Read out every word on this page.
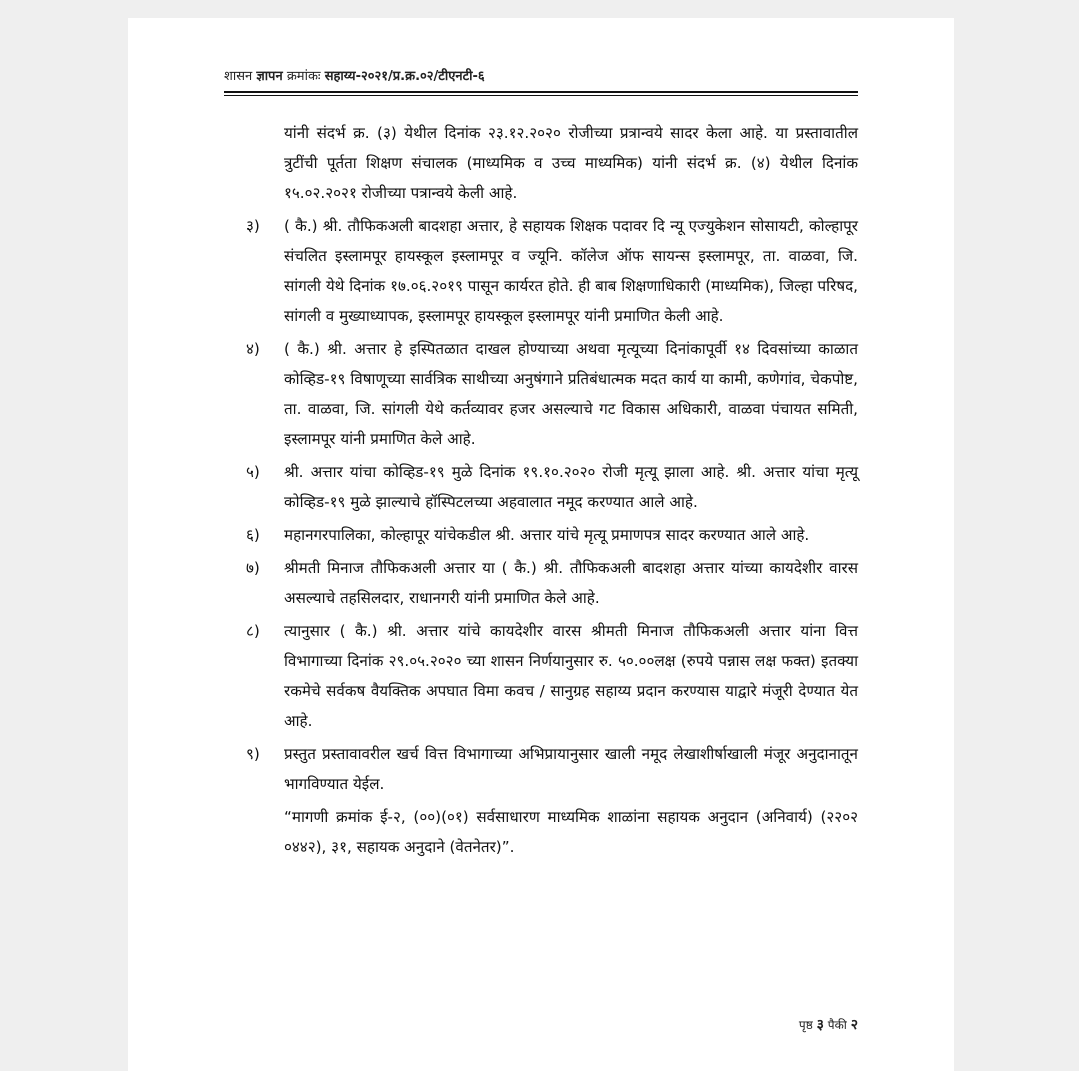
शासन ज्ञापन क्रमांकः सहाय्य-२०२१/प्र.क्र.०२/टीएनटी-६

यांनी संदर्भ क्र. (३) येथील दिनांक २३.१२.२०२० रोजीच्या प्रत्रान्वये सादर केला आहे. या प्रस्तावातील त्रुटींची पूर्तता शिक्षण संचालक (माध्यमिक व उच्च माध्यमिक) यांनी संदर्भ क्र. (४) येथील दिनांक १५.०२.२०२१ रोजीच्या पत्रान्वये केली आहे.

३)	( कै.) श्री. तौफिकअली बादशहा अत्तार, हे सहायक शिक्षक पदावर दि न्यू एज्युकेशन सोसायटी, कोल्हापूर संचलित इस्लामपूर हायस्कूल इस्लामपूर व ज्यूनि. कॉलेज ऑफ सायन्स इस्लामपूर, ता. वाळवा, जि. सांगली येथे दिनांक १७.०६.२०१९ पासून कार्यरत होते. ही बाब शिक्षणाधिकारी (माध्यमिक), जिल्हा परिषद, सांगली व मुख्याध्यापक, इस्लामपूर हायस्कूल इस्लामपूर यांनी प्रमाणित केली आहे.

४)	( कै.) श्री. अत्तार हे इस्पितळात दाखल होण्याच्या अथवा मृत्यूच्या दिनांकापूर्वी १४ दिवसांच्या काळात कोव्हिड-१९ विषाणूच्या सार्वत्रिक साथीच्या अनुषंगाने प्रतिबंधात्मक मदत कार्य या कामी, कणेगांव, चेकपोष्ट, ता. वाळवा, जि. सांगली येथे कर्तव्यावर हजर असल्याचे गट विकास अधिकारी, वाळवा पंचायत समिती, इस्लामपूर यांनी प्रमाणित केले आहे.

५)	श्री. अत्तार यांचा कोव्हिड-१९ मुळे दिनांक १९.१०.२०२० रोजी मृत्यू झाला आहे. श्री. अत्तार यांचा मृत्यू कोव्हिड-१९ मुळे झाल्याचे हॉस्पिटलच्या अहवालात नमूद करण्यात आले आहे.

६)	महानगरपालिका, कोल्हापूर यांचेकडील श्री. अत्तार यांचे मृत्यू प्रमाणपत्र सादर करण्यात आले आहे.

७)	श्रीमती मिनाज तौफिकअली अत्तार या ( कै.) श्री. तौफिकअली बादशहा अत्तार यांच्या कायदेशीर वारस असल्याचे तहसिलदार, राधानगरी यांनी प्रमाणित केले आहे.

८)	त्यानुसार ( कै.) श्री. अत्तार यांचे कायदेशीर वारस श्रीमती मिनाज तौफिकअली अत्तार यांना वित्त विभागाच्या दिनांक २९.०५.२०२० च्या शासन निर्णयानुसार रु. ५०.००लक्ष (रुपये पन्नास लक्ष फक्त) इतक्या रकमेचे सर्वकष वैयक्तिक अपघात विमा कवच / सानुग्रह सहाय्य प्रदान करण्यास याद्वारे मंजूरी देण्यात येत आहे.

९)	प्रस्तुत प्रस्तावावरील खर्च वित्त विभागाच्या अभिप्रायानुसार खाली नमूद लेखाशीर्षाखाली मंजूर अनुदानातून भागविण्यात येईल.

“मागणी क्रमांक ई-२, (००)(०१) सर्वसाधारण माध्यमिक शाळांना सहायक अनुदान (अनिवार्य) (२२०२ ०४४२), ३१, सहायक अनुदाने (वेतनेतर)”.

पृष्ठ ३ पैकी २
